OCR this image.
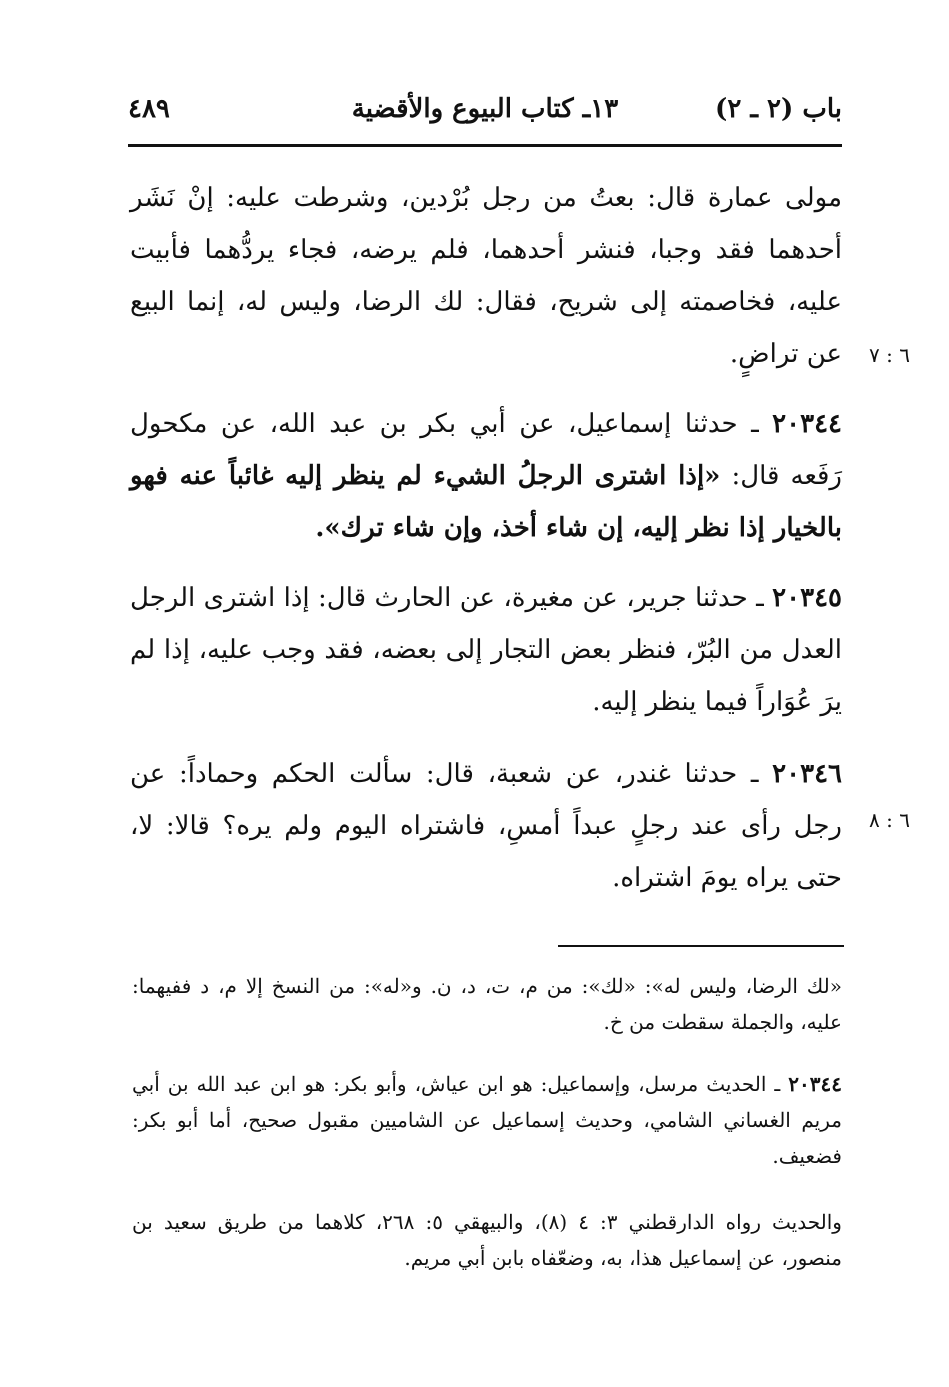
باب (٢ ـ ٢)
١٣ـ كتاب البيوع والأقضية
٤٨٩

مولى عمارة قال: بعتُ من رجل بُرْدين، وشرطت عليه: إنْ نَشَر أحدهما فقد وجبا، فنشر أحدهما، فلم يرضه، فجاء يردُّهما فأبيت عليه، فخاصمته إلى شريح، فقال: لك الرضا، وليس له، إنما البيع عن تراضٍ.	٦ : ٧

٢٠٣٤٤ ـ حدثنا إسماعيل، عن أبي بكر بن عبد الله، عن مكحول رَفَعه قال: «إذا اشترى الرجلُ الشيء لم ينظر إليه غائباً عنه فهو بالخيار إذا نظر إليه، إن شاء أخذ، وإن شاء ترك».

٢٠٣٤٥ ـ حدثنا جرير، عن مغيرة، عن الحارث قال: إذا اشترى الرجل العدل من البُرّ، فنظر بعض التجار إلى بعضه، فقد وجب عليه، إذا لم يرَ عُوَاراً فيما ينظر إليه.

٢٠٣٤٦ ـ حدثنا غندر، عن شعبة، قال: سألت الحكم وحماداً: عن رجل رأى عند رجلٍ عبداً أمسِ، فاشتراه اليوم ولم يره؟ قالا: لا، حتى يراه يومَ اشتراه.

٦ : ٨

«لك الرضا، وليس له»: «لك»: من م، ت، د، ن. و«له»: من النسخ إلا م، د ففيهما: عليه، والجملة سقطت من خ.

٢٠٣٤٤ ـ الحديث مرسل، وإسماعيل: هو ابن عياش، وأبو بكر: هو ابن عبد الله بن أبي مريم الغساني الشامي، وحديث إسماعيل عن الشاميين مقبول صحيح، أما أبو بكر: فضعيف.

والحديث رواه الدارقطني ٣: ٤ (٨)، والبيهقي ٥: ٢٦٨، كلاهما من طريق سعيد بن منصور، عن إسماعيل هذا، به، وضعّفاه بابن أبي مريم.
